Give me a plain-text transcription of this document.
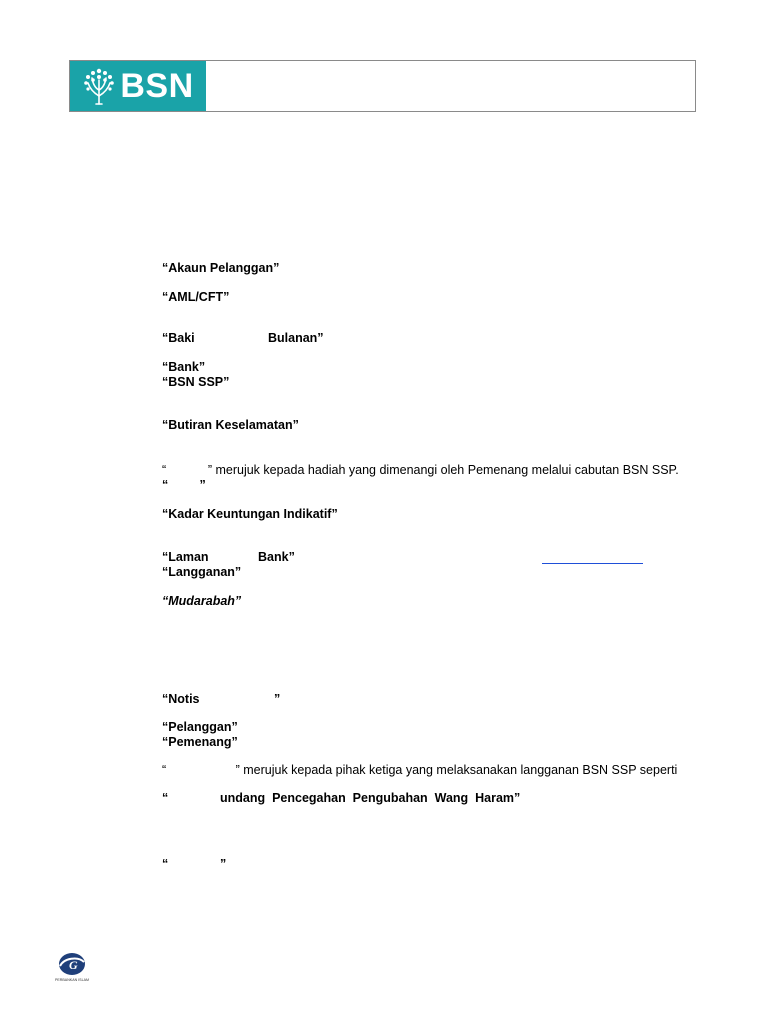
BSN
“Akaun Pelanggan”
“AML/CFT”
“Baki	Bulanan”
“Bank”
“BSN SSP”
“Butiran Keselamatan”
“            ” merujuk kepada hadiah yang dimenangi oleh Pemenang melalui cabutan BSN SSP.
“         ”
“Kadar Keuntungan Indikatif”
“Laman	Bank”
“Langganan”
“Mudarabah”
“Notis	”
“Pelanggan”
“Pemenang”
“                    ” merujuk kepada pihak ketiga yang melaksanakan langganan BSN SSP seperti
“	undang  Pencegahan  Pengubahan  Wang  Haram”
“	”
G
PERBANKAN ISLAM
